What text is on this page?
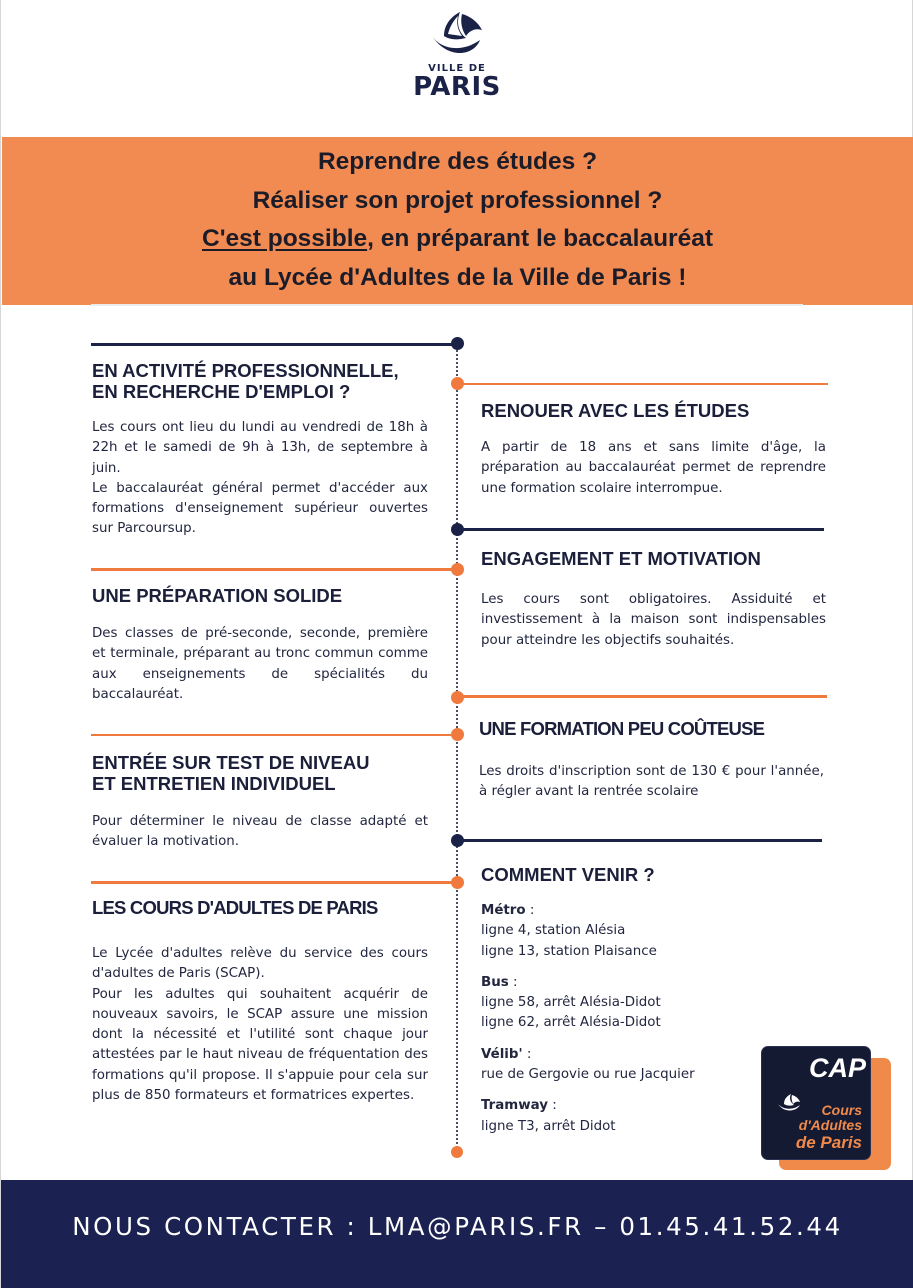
VILLE DE
PARIS
Reprendre des études ?
Réaliser son projet professionnel ?
C'est possible, en préparant le baccalauréat
au Lycée d'Adultes de la Ville de Paris !
EN ACTIVITÉ PROFESSIONNELLE,
EN RECHERCHE D'EMPLOI ?

Les cours ont lieu du lundi au vendredi de 18h à 22h et le samedi de 9h à 13h, de septembre à juin.

Le baccalauréat général permet d'accéder aux formations d'enseignement supérieur ouvertes sur Parcoursup.

UNE PRÉPARATION SOLIDE

Des classes de pré-seconde, seconde, première et terminale, préparant au tronc commun comme aux enseignements de spécialités du baccalauréat.

ENTRÉE SUR TEST DE NIVEAU
ET ENTRETIEN INDIVIDUEL

Pour déterminer le niveau de classe adapté et évaluer la motivation.

LES COURS D'ADULTES DE PARIS

Le Lycée d'adultes relève du service des cours d'adultes de Paris (SCAP).

Pour les adultes qui souhaitent acquérir de nouveaux savoirs, le SCAP assure une mission dont la nécessité et l'utilité sont chaque jour attestées par le haut niveau de fréquentation des formations qu'il propose. Il s'appuie pour cela sur plus de 850 formateurs et formatrices expertes.

RENOUER AVEC LES ÉTUDES

A partir de 18 ans et sans limite d'âge, la préparation au baccalauréat permet de reprendre une formation scolaire interrompue.

ENGAGEMENT ET MOTIVATION

Les cours sont obligatoires. Assiduité et investissement à la maison sont indispensables pour atteindre les objectifs souhaités.

UNE FORMATION PEU COÛTEUSE

Les droits d'inscription sont de 130 € pour l'année, à régler avant la rentrée scolaire

COMMENT VENIR ?

Métro :

ligne 4, station Alésia

ligne 13, station Plaisance

Bus :

ligne 58, arrêt Alésia-Didot

ligne 62, arrêt Alésia-Didot

Vélib' :

rue de Gergovie ou rue Jacquier

Tramway :

ligne T3, arrêt Didot

CAP
Cours
d'Adultes
de Paris
NOUS CONTACTER : LMA@PARIS.FR – 01.45.41.52.44
